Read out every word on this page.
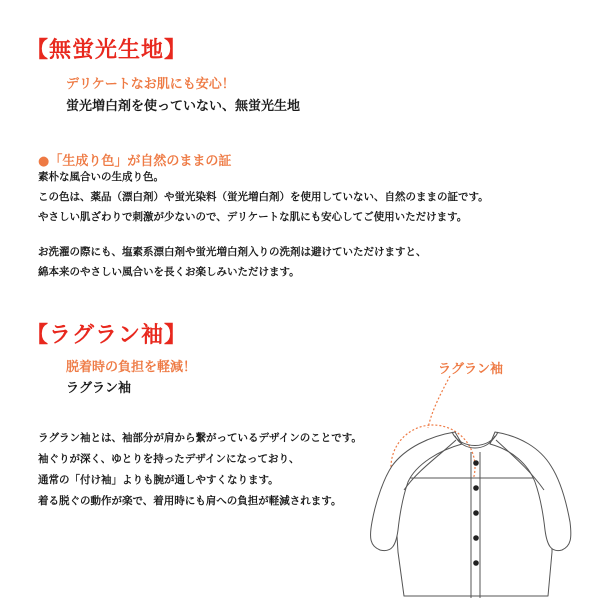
【無蛍光生地】
デリケートなお肌にも安心！
蛍光増白剤を使っていない、無蛍光生地
●「生成り色」が自然のままの証
素朴な風合いの生成り色。
この色は、薬品（漂白剤）や蛍光染料（蛍光増白剤）を使用していない、自然のままの証です。
やさしい肌ざわりで刺激が少ないので、デリケートな肌にも安心してご使用いただけます。
お洗濯の際にも、塩素系漂白剤や蛍光増白剤入りの洗剤は避けていただけますと、
綿本来のやさしい風合いを長くお楽しみいただけます。
【ラグラン袖】
脱着時の負担を軽減！
ラグラン袖
ラグラン袖
ラグラン袖とは、袖部分が肩から繋がっているデザインのことです。
袖ぐりが深く、ゆとりを持ったデザインになっており、
通常の「付け袖」よりも腕が通しやすくなります。
着る脱ぐの動作が楽で、着用時にも肩への負担が軽減されます。
